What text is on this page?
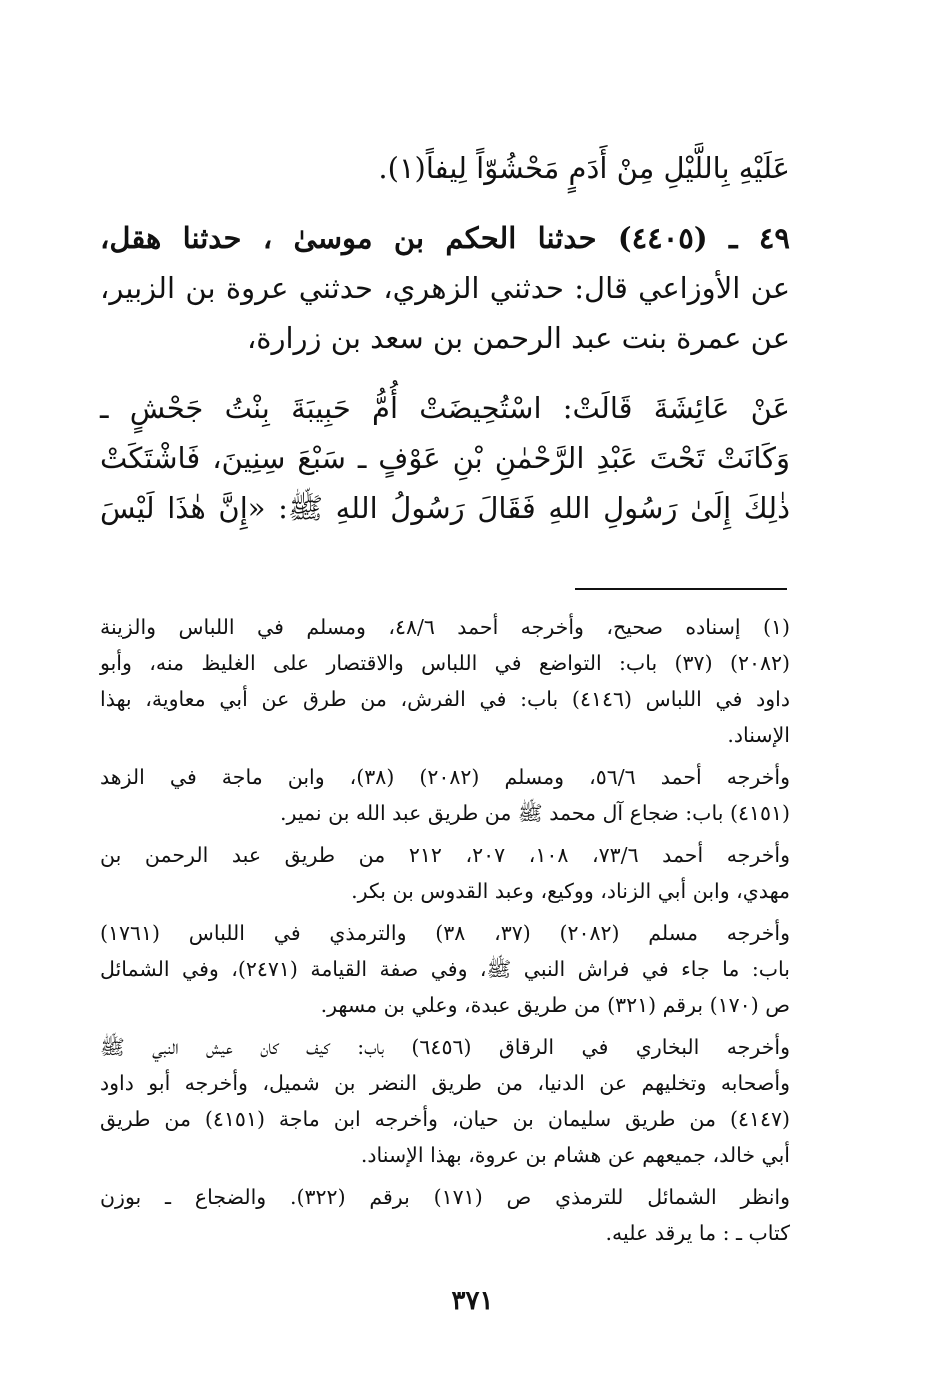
عَلَيْهِ بِاللَّيْلِ مِنْ أَدَمٍ مَحْشُوّاً لِيفاً(١).
٤٩ ـ (٤٤٠٥) حدثنا الحكم بن موسىٰ ، حدثنا هقل،
عن الأوزاعي قال: حدثني الزهري، حدثني عروة بن الزبير،
عن عمرة بنت عبد الرحمن بن سعد بن زرارة،
عَنْ عَائِشَةَ قَالَتْ: اسْتُحِيضَتْ أُمُّ حَبِيبَةَ بِنْتُ جَحْشٍ ـ
وَكَانَتْ تَحْتَ عَبْدِ الرَّحْمٰنِ بْنِ عَوْفٍ ـ سَبْعَ سِنِينَ، فَاشْتَكَتْ
ذٰلِكَ إِلَىٰ رَسُولِ اللهِ فَقَالَ رَسُولُ اللهِ ﷺ: «إِنَّ هٰذَا لَيْسَ
(١) إسناده صحيح، وأخرجه أحمد ٤٨/٦، ومسلم في اللباس والزينة
(٢٠٨٢) (٣٧) باب: التواضع في اللباس والاقتصار على الغليظ منه، وأبو
داود في اللباس (٤١٤٦) باب: في الفرش، من طرق عن أبي معاوية، بهذا
الإسناد.
وأخرجه أحمد ٥٦/٦، ومسلم (٢٠٨٢) (٣٨)، وابن ماجة في الزهد
(٤١٥١) باب: ضجاع آل محمد ﷺ من طريق عبد الله بن نمير.
وأخرجه أحمد ٧٣/٦، ١٠٨، ٢٠٧، ٢١٢ من طريق عبد الرحمن بن
مهدي، وابن أبي الزناد، ووكيع، وعبد القدوس بن بكر.
وأخرجه مسلم (٢٠٨٢) (٣٧، ٣٨) والترمذي في اللباس (١٧٦١)
باب: ما جاء في فراش النبي ﷺ، وفي صفة القيامة (٢٤٧١)، وفي الشمائل
ص (١٧٠) برقم (٣٢١) من طريق عبدة، وعلي بن مسهر.
وأخرجه البخاري في الرقاق (٦٤٥٦) باب: كيف كان عيش النبي ﷺ
وأصحابه وتخليهم عن الدنيا، من طريق النضر بن شميل، وأخرجه أبو داود
(٤١٤٧) من طريق سليمان بن حيان، وأخرجه ابن ماجة (٤١٥١) من طريق
أبي خالد، جميعهم عن هشام بن عروة، بهذا الإسناد.
وانظر الشمائل للترمذي ص (١٧١) برقم (٣٢٢). والضجاع ـ بوزن
كتاب ـ : ما يرقد عليه.
٣٧١
